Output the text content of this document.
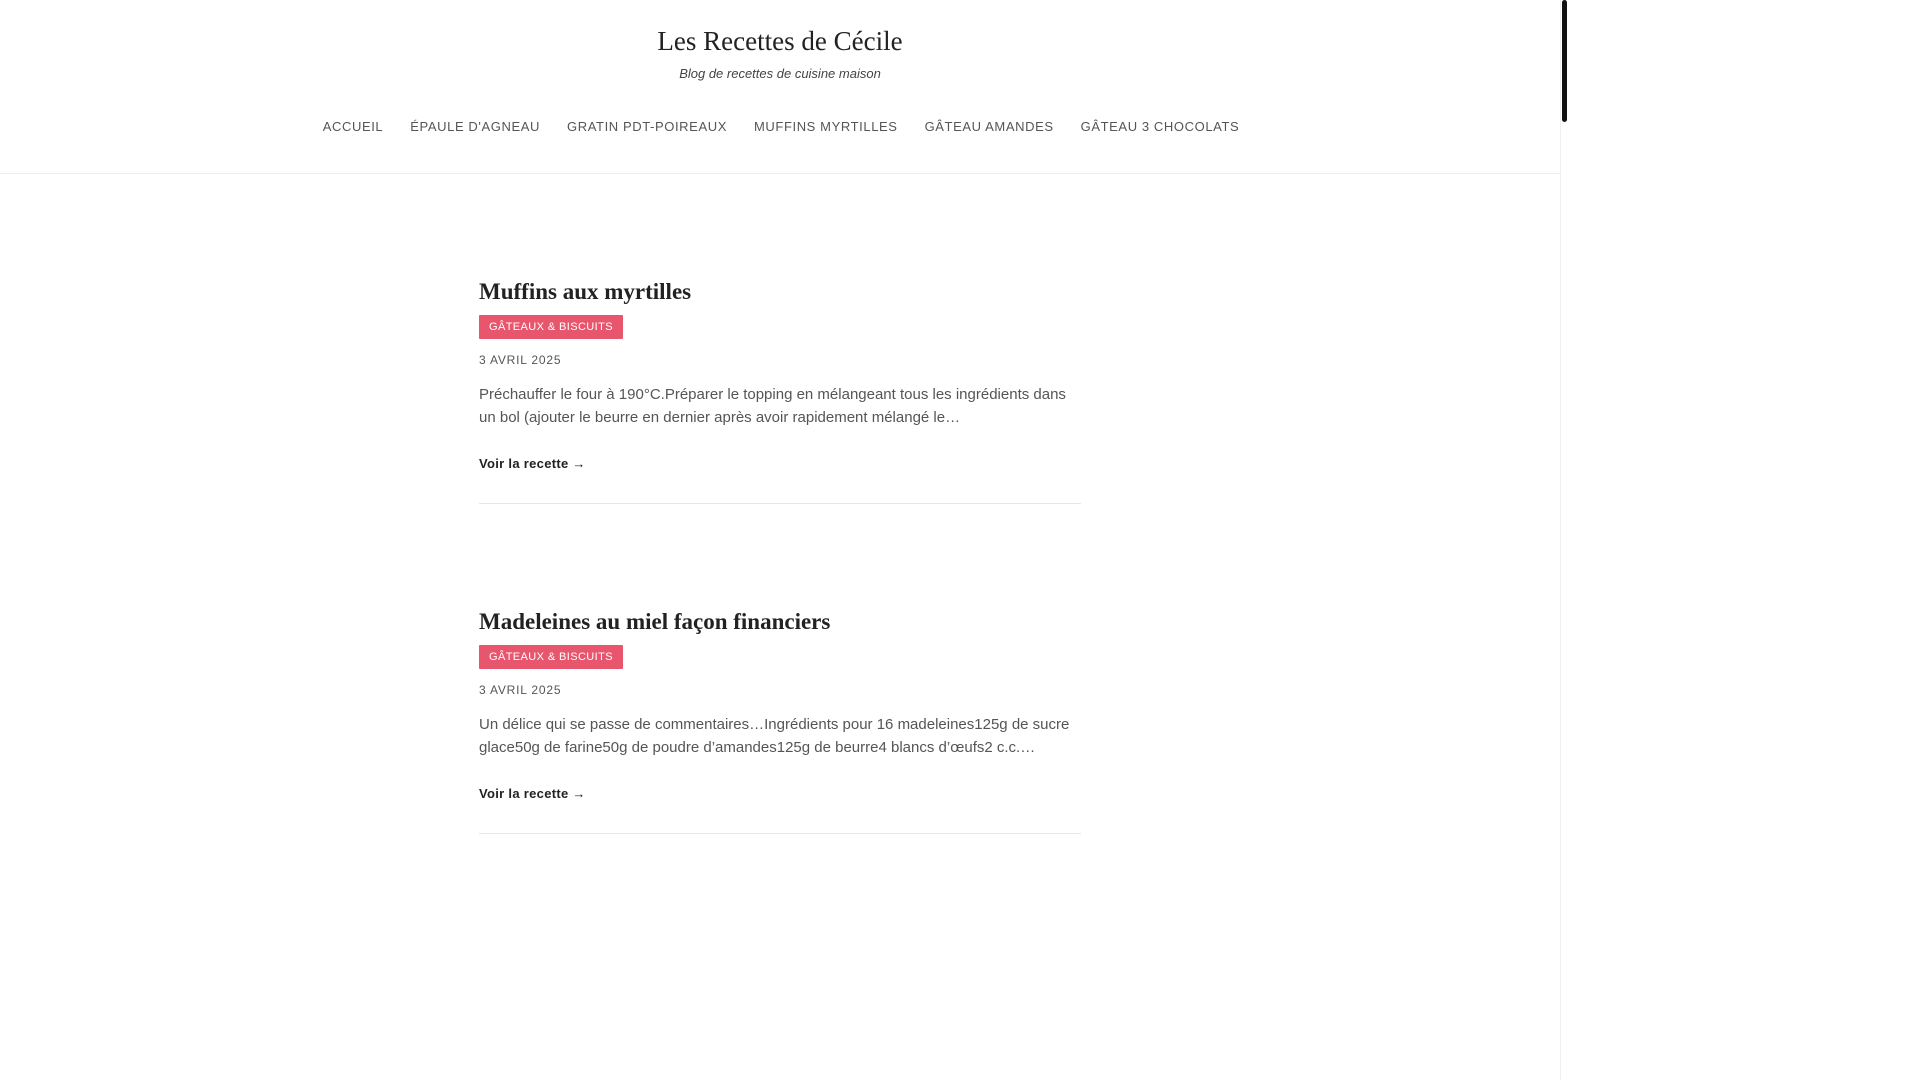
Les Recettes de Cécile
Blog de recettes de cuisine maison
ACCUEIL ÉPAULE D'AGNEAU GRATIN PDT-POIREAUX MUFFINS MYRTILLES GÂTEAU AMANDES GÂTEAU 3 CHOCOLATS
Muffins aux myrtilles
GÂTEAUX & BISCUITS
3 AVRIL 2025

Préchauffer le four à 190°C.Préparer le topping en mélangeant tous les ingrédients dans un bol (ajouter le beurre en dernier après avoir rapidement mélangé le…

Voir la recette →
Madeleines au miel façon financiers
GÂTEAUX & BISCUITS
3 AVRIL 2025

Un délice qui se passe de commentaires…Ingrédients pour 16 madeleines125g de sucre glace50g de farine50g de poudre d’amandes125g de beurre4 blancs d’œufs2 c.c.…

Voir la recette →
